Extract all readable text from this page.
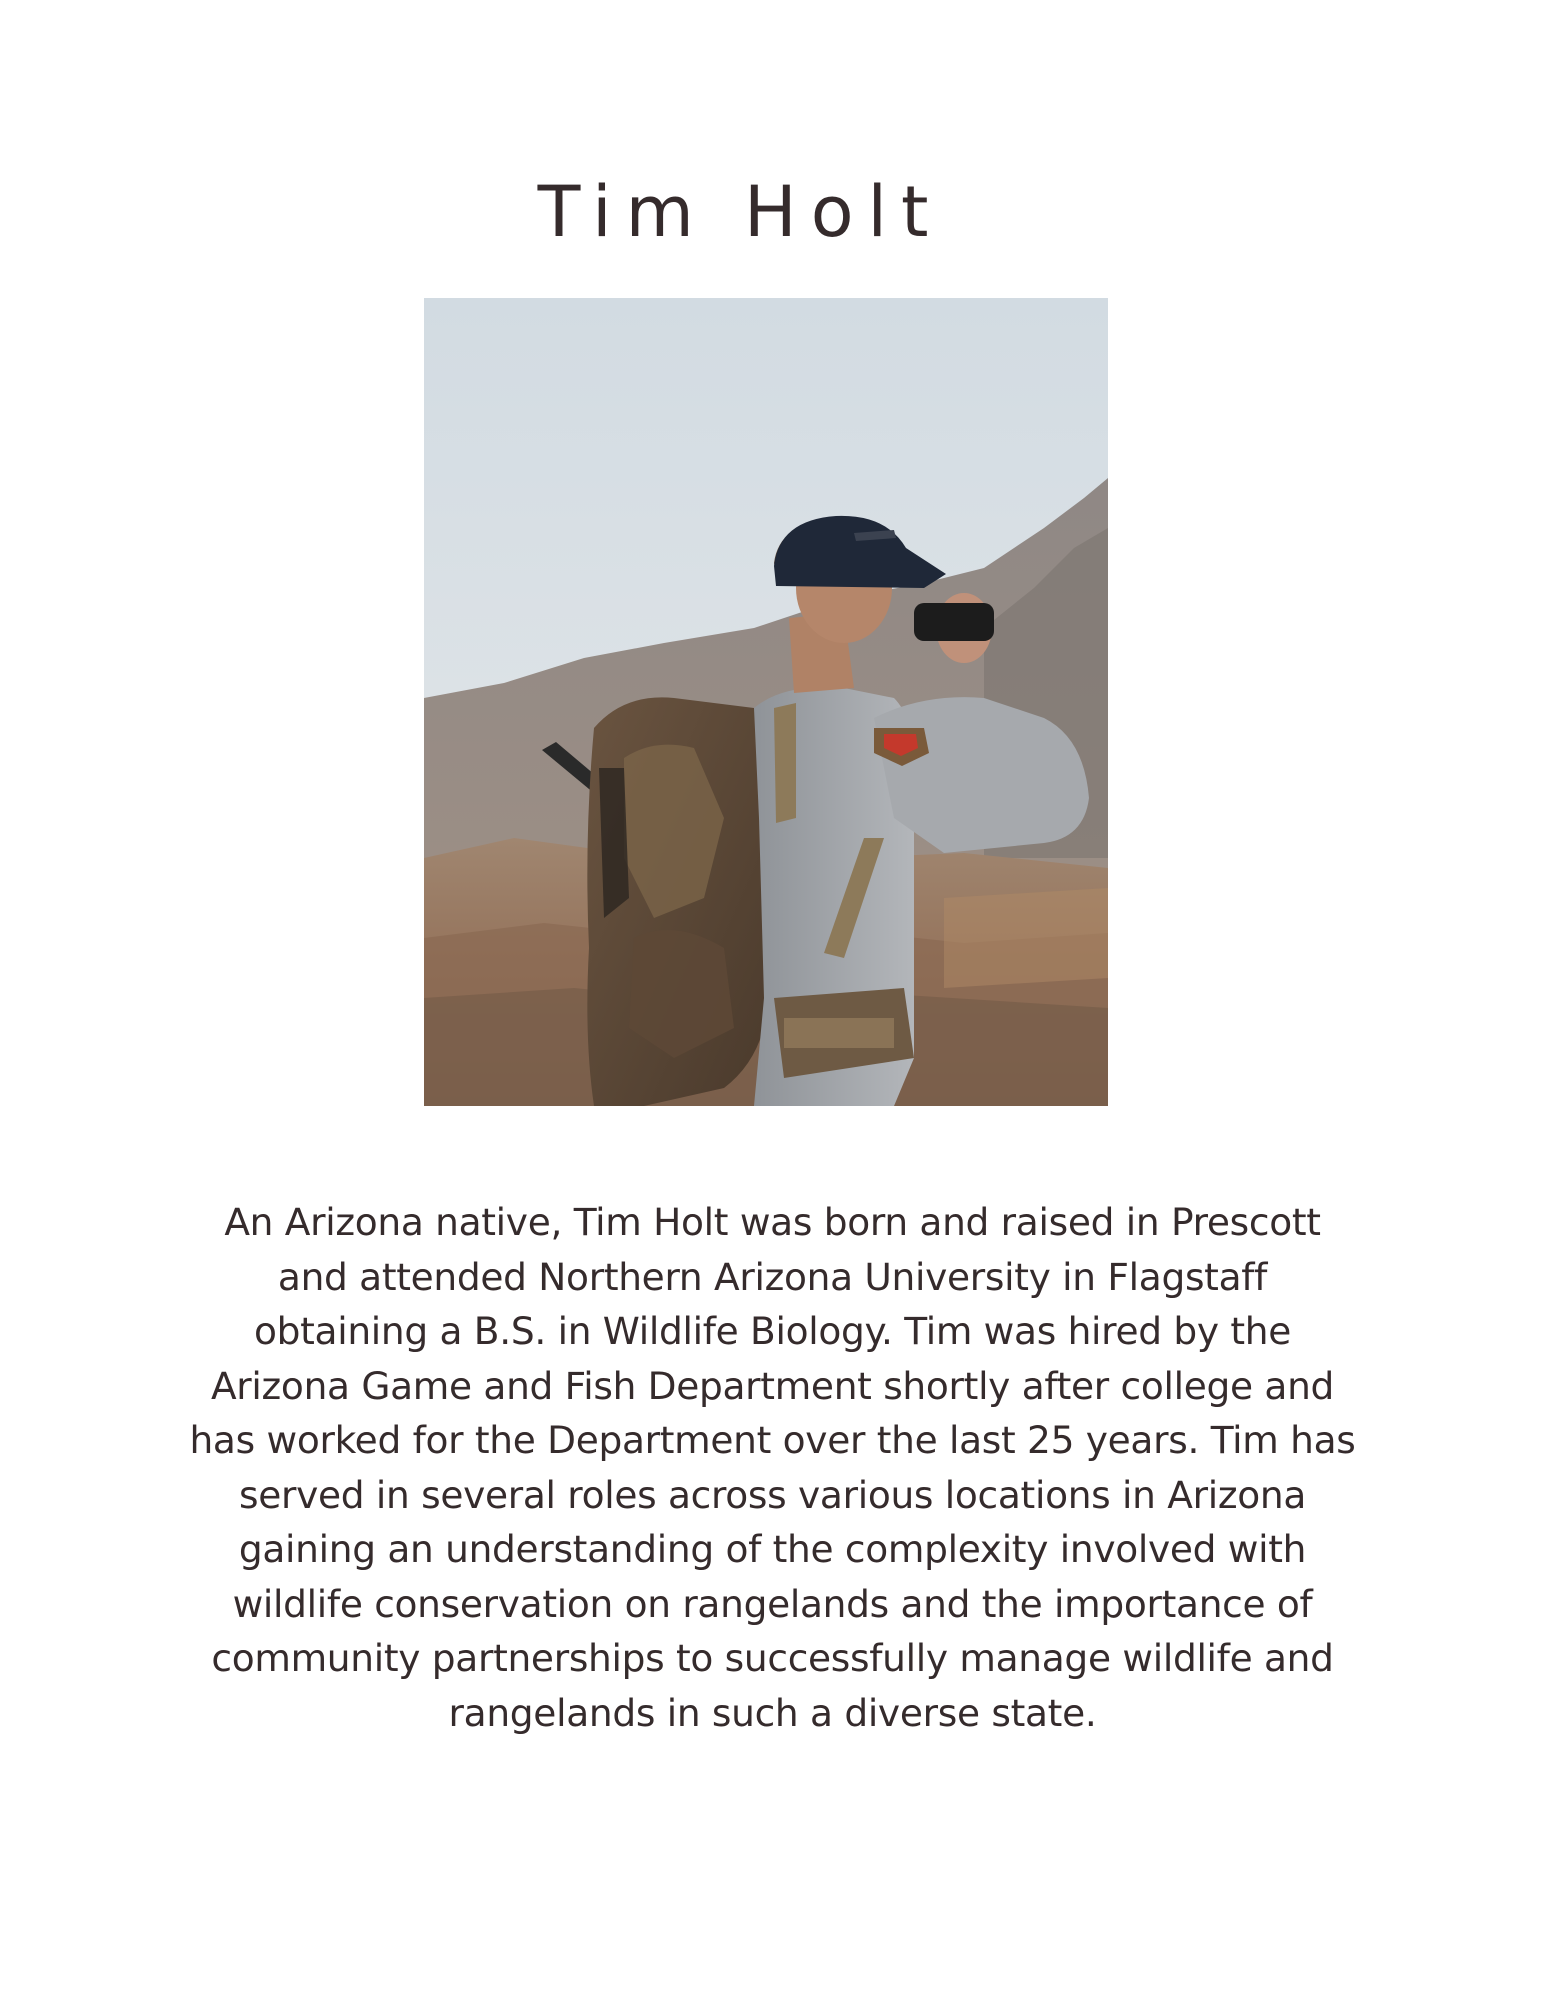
Tim Holt
An Arizona native, Tim Holt was born and raised in Prescott
and attended Northern Arizona University in Flagstaff
obtaining a B.S. in Wildlife Biology. Tim was hired by the
Arizona Game and Fish Department shortly after college and
has worked for the Department over the last 25 years. Tim has
served in several roles across various locations in Arizona
gaining an understanding of the complexity involved with
wildlife conservation on rangelands and the importance of
community partnerships to successfully manage wildlife and
rangelands in such a diverse state.
